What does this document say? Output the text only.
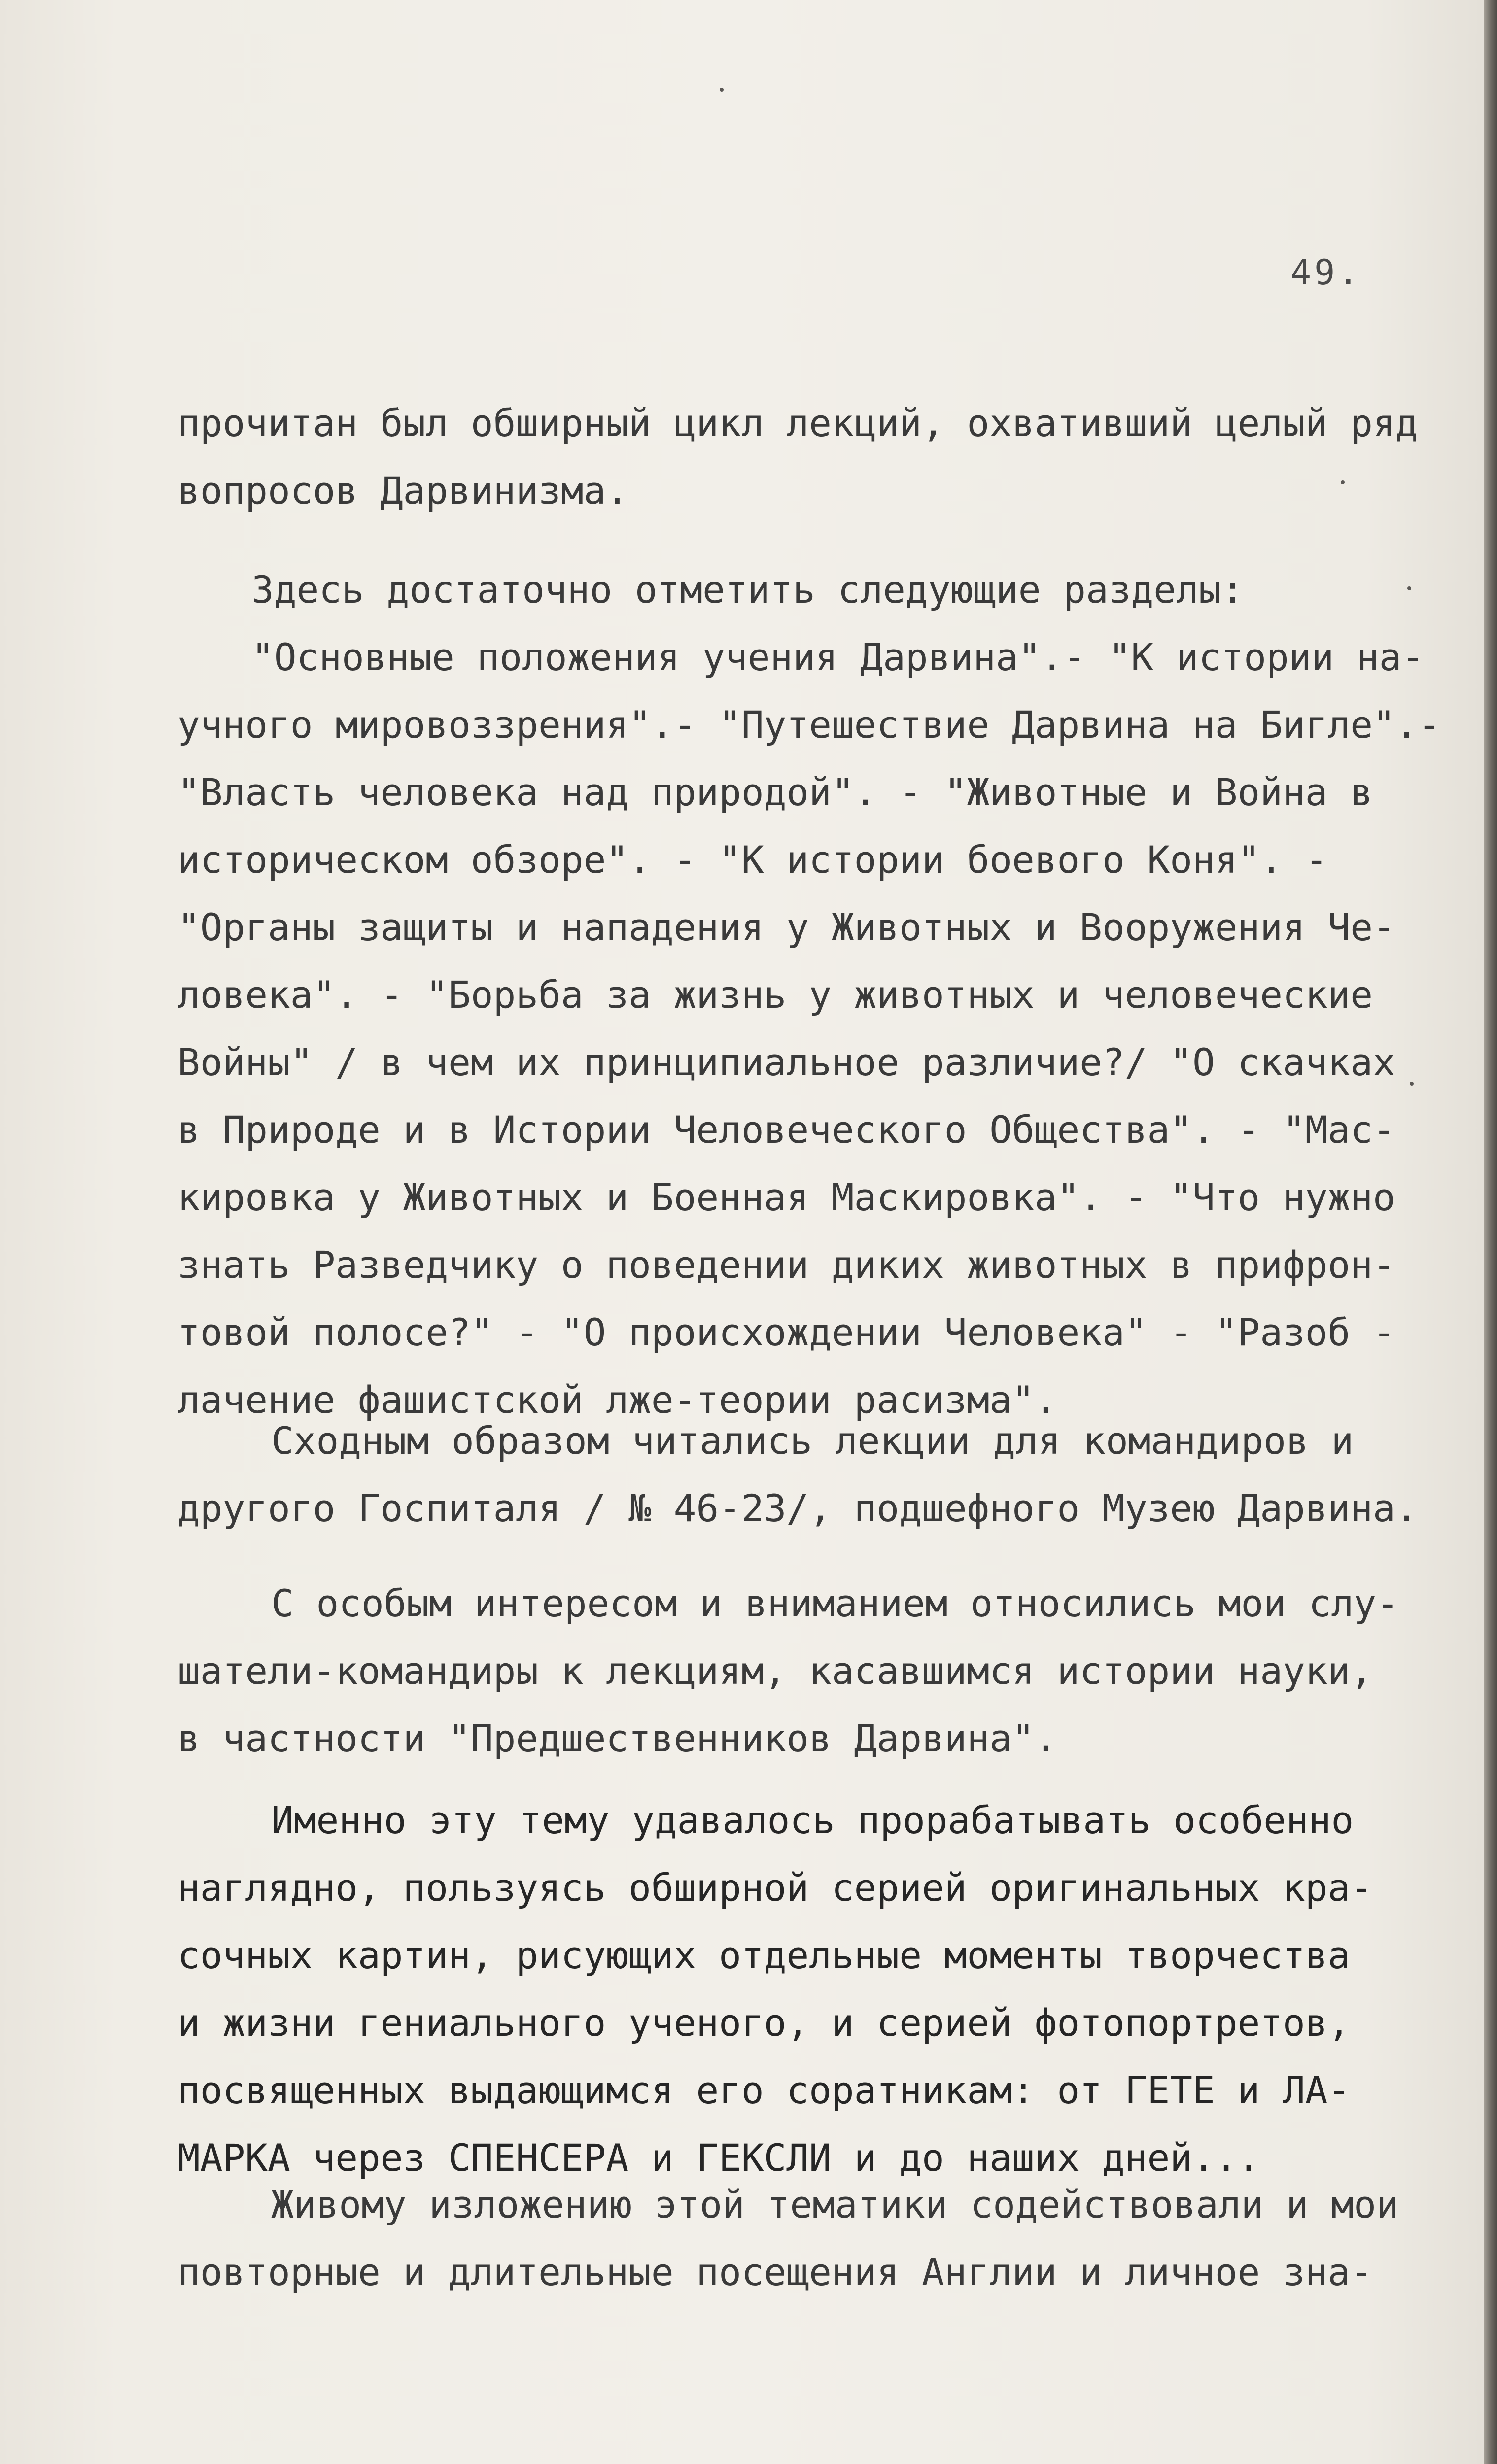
49.
прочитан был обширный цикл лекций, охвативший целый ряд
вопросов Дарвинизма.
Здесь достаточно отметить следующие разделы:
"Основные положения учения Дарвина".- "К истории на-
учного мировоззрения".- "Путешествие Дарвина на Бигле".-
"Власть человека над природой". - "Животные и Война в
историческом обзоре". - "К истории боевого Коня". -
"Органы защиты и нападения у Животных и Вооружения Че-
ловека". - "Борьба за жизнь у животных и человеческие
Войны" / в чем их принципиальное различие?/ "О скачках
в Природе и в Истории Человеческого Общества". - "Мас-
кировка у Животных и Боенная Маскировка". - "Что нужно
знать Разведчику о поведении диких животных в прифрон-
товой полосе?" - "О происхождении Человека" - "Разоб -
лачение фашистской лже-теории расизма".
Сходным образом читались лекции для командиров и
другого Госпиталя / № 46-23/, подшефного Музею Дарвина.
С особым интересом и вниманием относились мои слу-
шатели-командиры к лекциям, касавшимся истории науки,
в частности "Предшественников Дарвина".
Именно эту тему удавалось прорабатывать особенно
наглядно, пользуясь обширной серией оригинальных кра-
сочных картин, рисующих отдельные моменты творчества
и жизни гениального ученого, и серией фотопортретов,
посвященных выдающимся его соратникам: от ГЕТЕ и ЛА-
МАРКА через СПЕНСЕРА и ГЕКСЛИ и до наших дней...
Живому изложению этой тематики содействовали и мои
повторные и длительные посещения Англии и личное зна-
